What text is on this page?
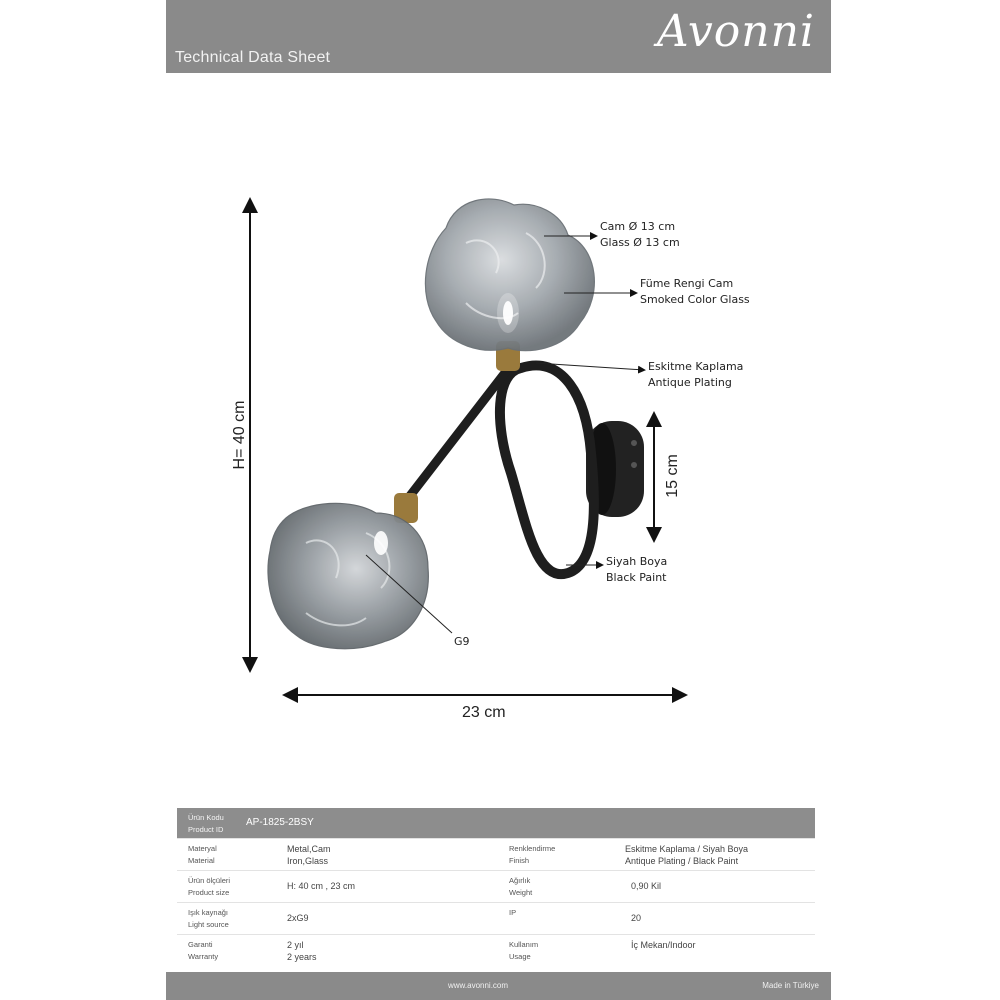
Technical Data Sheet
Avonni
Cam Ø 13 cm
Glass Ø 13 cm
Füme Rengi Cam
Smoked Color Glass
Eskitme Kaplama
Antique Plating
Siyah Boya
Black Paint
G9
H= 40 cm
23 cm
15 cm
Ürün Kodu
Product ID
AP-1825-2BSY
Materyal
Material
Metal,Cam
Iron,Glass
Renklendirme
Finish
Eskitme Kaplama / Siyah Boya
Antique Plating / Black Paint
Ürün ölçüleri
Product size
H: 40 cm , 23 cm
Ağırlık
Weight
0,90 Kil
Işık kaynağı
Light source
2xG9
IP
20
Garanti
Warranty
2 yıl
2 years
Kullanım
Usage
İç Mekan/Indoor
www.avonni.com	Made in Türkiye
